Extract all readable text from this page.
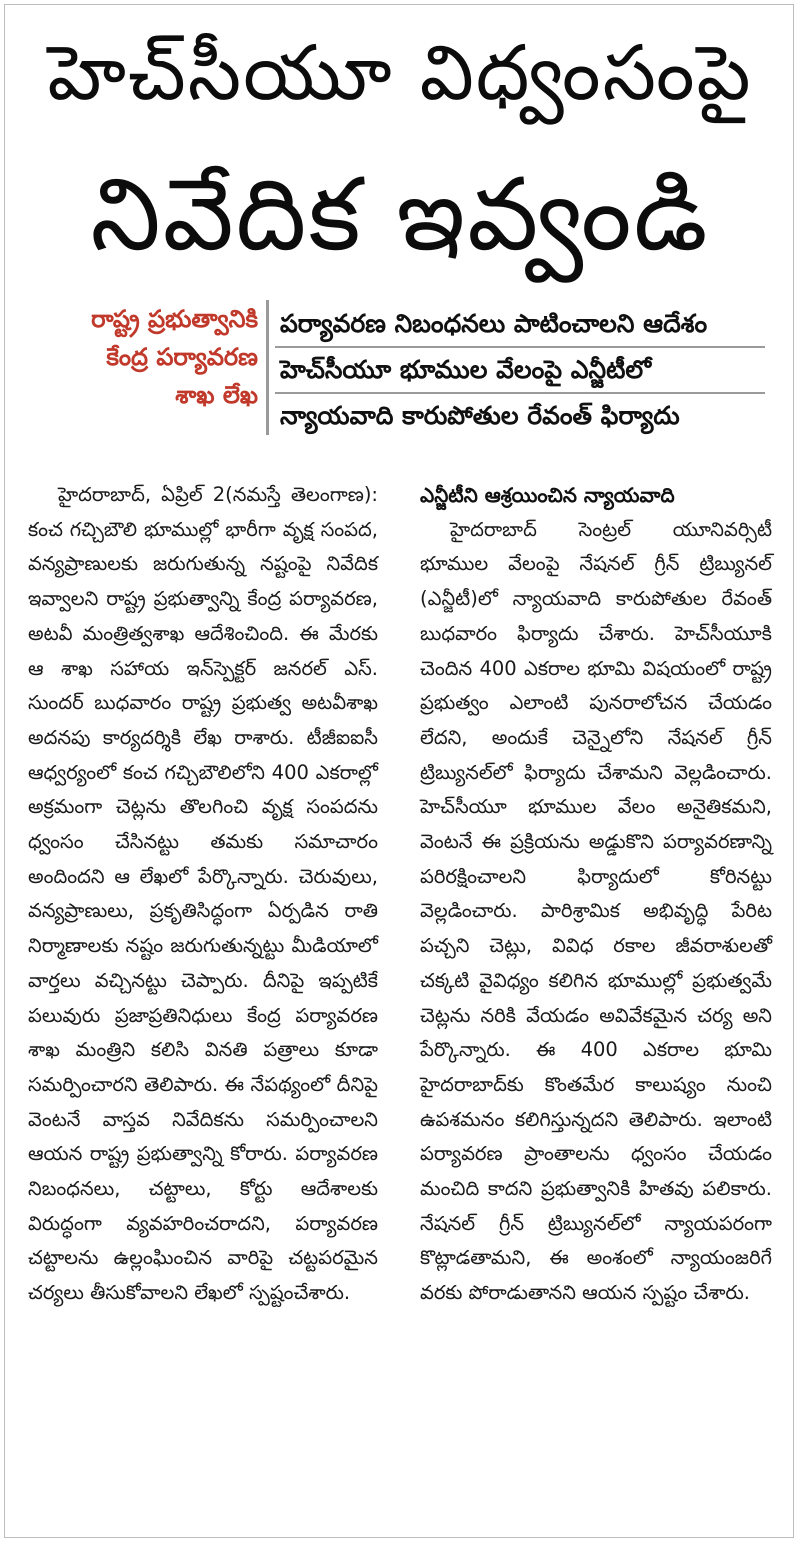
హెచ్‌సీయూ విధ్వంసంపై
నివేదిక ఇవ్వండి
రాష్ట్ర ప్రభుత్వానికి
కేంద్ర పర్యావరణ
శాఖ లేఖ
పర్యావరణ నిబంధనలు పాటించాలని ఆదేశం
హెచ్‌సీయూ భూముల వేలంపై ఎన్జీటీలో
న్యాయవాది కారుపోతుల రేవంత్ ఫిర్యాదు

హైదరాబాద్, ఏప్రిల్ 2(నమస్తే తెలంగాణ): కంచ గచ్చిబౌలి భూముల్లో భారీగా వృక్ష సంపద, వన్యప్రాణులకు జరుగుతున్న నష్టంపై నివేదిక ఇవ్వాలని రాష్ట్ర ప్రభుత్వాన్ని కేంద్ర పర్యావరణ, అటవీ మంత్రిత్వశాఖ ఆదేశించింది. ఈ మేరకు ఆ శాఖ సహాయ ఇన్‌స్పెక్టర్ జనరల్ ఎస్. సుందర్ బుధవారం రాష్ట్ర ప్రభుత్వ అటవీశాఖ అదనపు కార్యదర్శికి లేఖ రాశారు. టీజీఐఐసీ ఆధ్వర్యంలో కంచ గచ్చిబౌలిలోని 400 ఎకరాల్లో అక్రమంగా చెట్లను తొలగించి వృక్ష సంపదను ధ్వంసం చేసినట్టు తమకు సమాచారం అందిందని ఆ లేఖలో పేర్కొన్నారు. చెరువులు, వన్యప్రాణులు, ప్రకృతిసిద్ధంగా ఏర్పడిన రాతి నిర్మాణాలకు నష్టం జరుగుతున్నట్టు మీడియాలో వార్తలు వచ్చినట్టు చెప్పారు. దీనిపై ఇప్పటికే పలువురు ప్రజాప్రతినిధులు కేంద్ర పర్యావరణ శాఖ మంత్రిని కలిసి వినతి పత్రాలు కూడా సమర్పించారని తెలిపారు. ఈ నేపథ్యంలో దీనిపై వెంటనే వాస్తవ నివేదికను సమర్పించాలని ఆయన రాష్ట్ర ప్రభుత్వాన్ని కోరారు. పర్యావరణ నిబంధనలు, చట్టాలు, కోర్టు ఆదేశాలకు విరుద్ధంగా వ్యవహరించరాదని, పర్యావరణ చట్టాలను ఉల్లంఘించిన వారిపై చట్టపరమైన చర్యలు తీసుకోవాలని లేఖలో స్పష్టంచేశారు.

ఎన్జీటీని ఆశ్రయించిన న్యాయవాది

హైదరాబాద్ సెంట్రల్ యూనివర్సిటీ భూముల వేలంపై నేషనల్ గ్రీన్ ట్రిబ్యునల్ (ఎన్జీటీ)లో న్యాయవాది కారుపోతుల రేవంత్ బుధవారం ఫిర్యాదు చేశారు. హెచ్‌సీయూకి చెందిన 400 ఎకరాల భూమి విషయంలో రాష్ట్ర ప్రభుత్వం ఎలాంటి పునరాలోచన చేయడం లేదని, అందుకే చెన్నైలోని నేషనల్ గ్రీన్ ట్రిబ్యునల్‌లో ఫిర్యాదు చేశామని వెల్లడించారు. హెచ్‌సీయూ భూముల వేలం అనైతికమని, వెంటనే ఈ ప్రక్రియను అడ్డుకొని పర్యావరణాన్ని పరిరక్షించాలని ఫిర్యాదులో కోరినట్టు వెల్లడించారు. పారిశ్రామిక అభివృద్ధి పేరిట పచ్చని చెట్లు, వివిధ రకాల జీవరాశులతో చక్కటి వైవిధ్యం కలిగిన భూముల్లో ప్రభుత్వమే చెట్లను నరికి వేయడం అవివేకమైన చర్య అని పేర్కొన్నారు. ఈ 400 ఎకరాల భూమి హైదరాబాద్‌కు కొంతమేర కాలుష్యం నుంచి ఉపశమనం కలిగిస్తున్నదని తెలిపారు. ఇలాంటి పర్యావరణ ప్రాంతాలను ధ్వంసం చేయడం మంచిది కాదని ప్రభుత్వానికి హితవు పలికారు. నేషనల్ గ్రీన్ ట్రిబ్యునల్‌లో న్యాయపరంగా కొట్లాడతామని, ఈ అంశంలో న్యాయంజరిగే వరకు పోరాడుతానని ఆయన స్పష్టం చేశారు.
